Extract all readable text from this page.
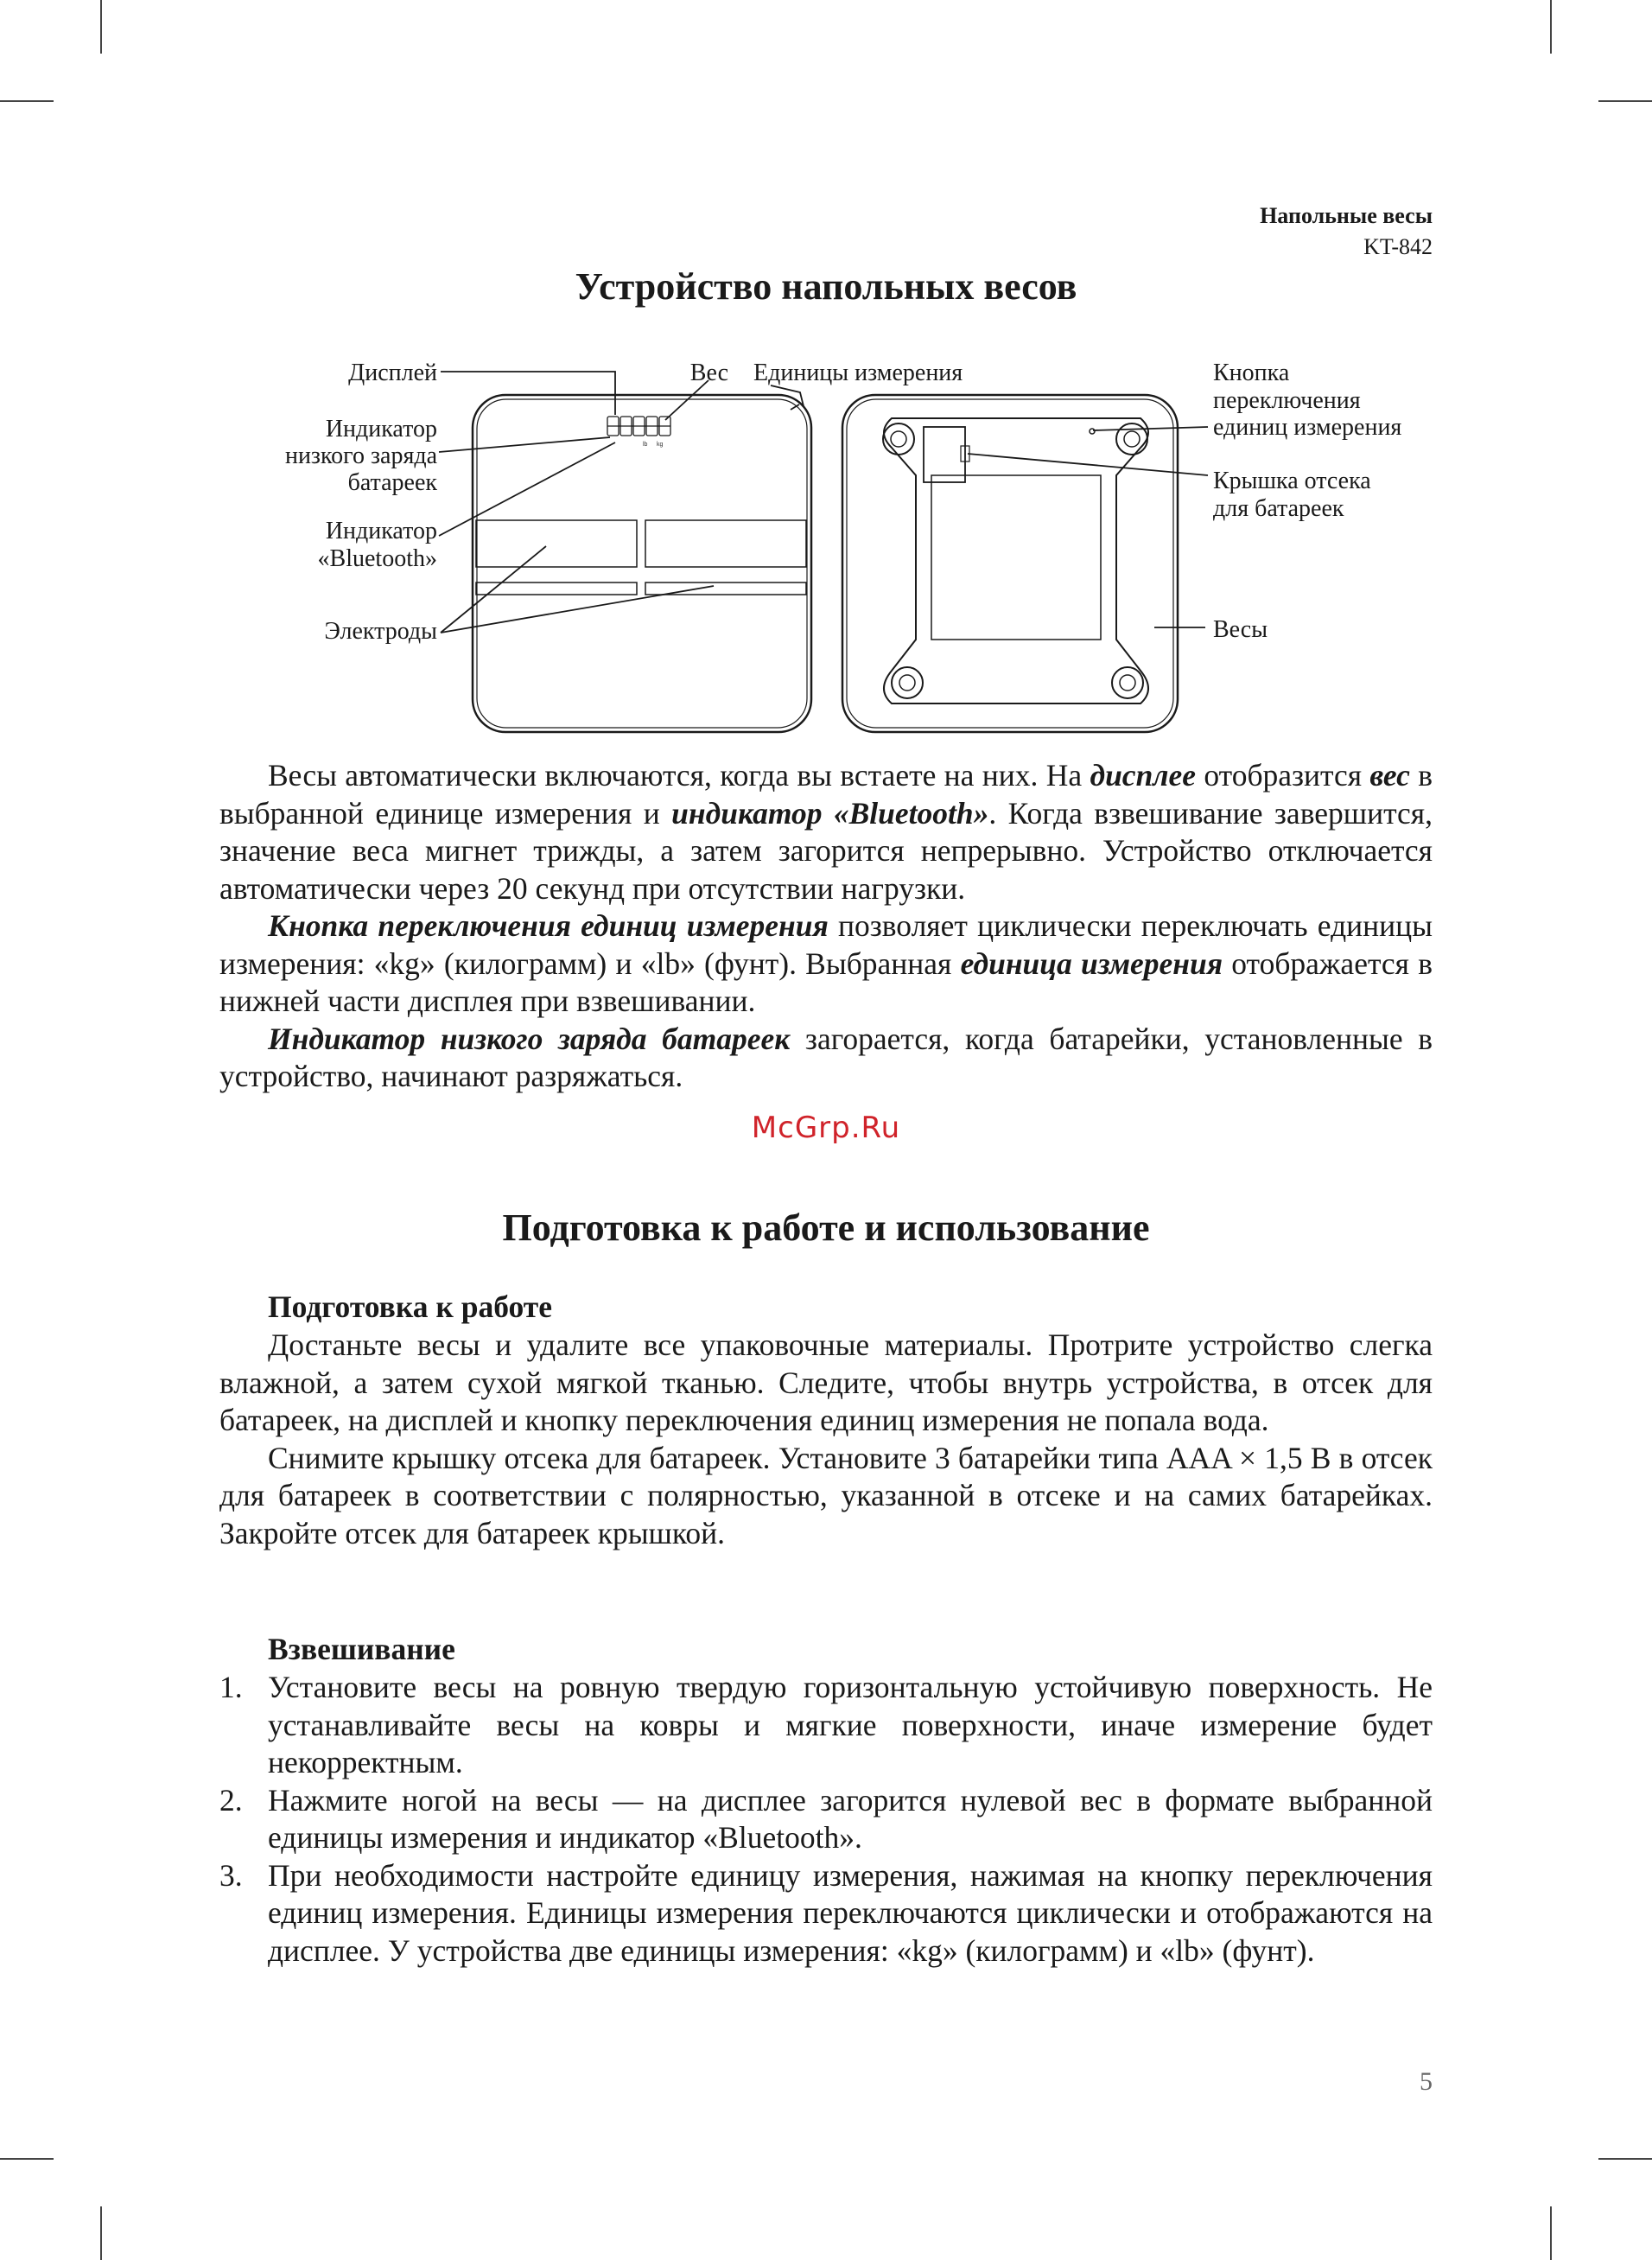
Напольные весы
KT-842
Устройство напольных весов
kg
lb
Дисплей	Вес Единицы измерения
Индикатор
низкого заряда
батареек
Индикатор
«Bluetooth»
Электроды
Кнопка
переключения
единиц измерения
Крышка отсека
для батареек
Весы

Весы автоматически включаются, когда вы встаете на них. На дисплее отобразится вес в выбранной единице измерения и индикатор «Bluetooth». Когда взвешивание завершится, значение веса мигнет трижды, а затем загорится непрерывно. Устройство отключается автоматически через 20 секунд при отсутствии нагрузки.

Кнопка переключения единиц измерения позволяет циклически переключать единицы измерения: «kg» (килограмм) и «lb» (фунт). Выбранная единица измерения отображается в нижней части дисплея при взвешивании.

Индикатор низкого заряда батареек загорается, когда батарейки, установленные в устройство, начинают разряжаться.

McGrp.Ru
Подготовка к работе и использование
Подготовка к работе

Достаньте весы и удалите все упаковочные материалы. Протрите устройство слегка влажной, а затем сухой мягкой тканью. Следите, чтобы внутрь устройства, в отсек для батареек, на дисплей и кнопку переключения единиц измерения не попала вода.

Снимите крышку отсека для батареек. Установите 3 батарейки типа AAA × 1,5 В в отсек для батареек в соответствии с полярностью, указанной в отсеке и на самих батарейках. Закройте отсек для батареек крышкой.

Взвешивание
1. Установите весы на ровную твердую горизонтальную устойчивую поверхность. Не устанавливайте весы на ковры и мягкие поверхности, иначе измерение будет некорректным.
2. Нажмите ногой на весы — на дисплее загорится нулевой вес в формате выбранной единицы измерения и индикатор «Bluetooth».
3. При необходимости настройте единицу измерения, нажимая на кнопку переключения единиц измерения. Единицы измерения переключаются циклически и отображаются на дисплее. У устройства две единицы измерения: «kg» (килограмм) и «lb» (фунт).
5
